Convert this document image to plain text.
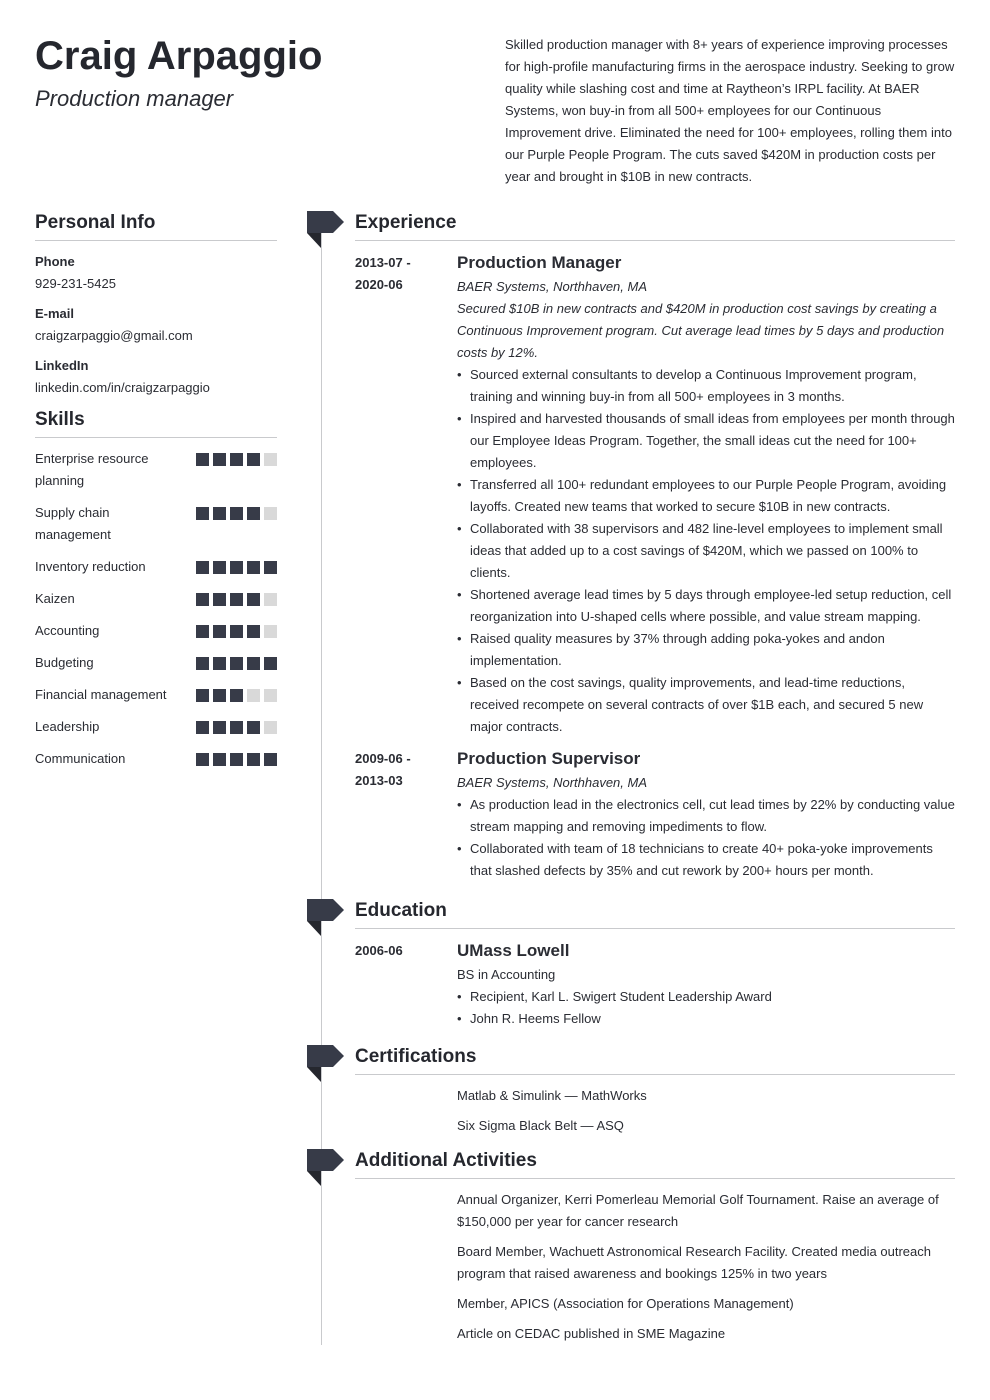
Craig Arpaggio
Production manager
Skilled production manager with 8+ years of experience improving processes for high-profile manufacturing firms in the aerospace industry. Seeking to grow quality while slashing cost and time at Raytheon’s IRPL facility. At BAER Systems, won buy-in from all 500+ employees for our Continuous Improvement drive. Eliminated the need for 100+ employees, rolling them into our Purple People Program. The cuts saved $420M in production costs per year and brought in $10B in new contracts.
Personal Info
Phone
929-231-5425
E-mail
craigzarpaggio@gmail.com
LinkedIn
linkedin.com/in/craigzarpaggio
Skills
Enterprise resource planning
Supply chain management
Inventory reduction
Kaizen
Accounting
Budgeting
Financial management
Leadership
Communication
Experience
2013-07 -
2020-06
Production Manager
BAER Systems, Northhaven, MA
Secured $10B in new contracts and $420M in production cost savings by creating a Continuous Improvement program. Cut average lead times by 5 days and production costs by 12%.
• Sourced external consultants to develop a Continuous Improvement program, training and winning buy-in from all 500+ employees in 3 months.
• Inspired and harvested thousands of small ideas from employees per month through our Employee Ideas Program. Together, the small ideas cut the need for 100+ employees.
• Transferred all 100+ redundant employees to our Purple People Program, avoiding layoffs. Created new teams that worked to secure $10B in new contracts.
• Collaborated with 38 supervisors and 482 line-level employees to implement small ideas that added up to a cost savings of $420M, which we passed on 100% to clients.
• Shortened average lead times by 5 days through employee-led setup reduction, cell reorganization into U-shaped cells where possible, and value stream mapping.
• Raised quality measures by 37% through adding poka-yokes and andon implementation.
• Based on the cost savings, quality improvements, and lead-time reductions, received recompete on several contracts of over $1B each, and secured 5 new major contracts.
2009-06 -
2013-03
Production Supervisor
BAER Systems, Northhaven, MA
• As production lead in the electronics cell, cut lead times by 22% by conducting value stream mapping and removing impediments to flow.
• Collaborated with team of 18 technicians to create 40+ poka-yoke improvements that slashed defects by 35% and cut rework by 200+ hours per month.
Education
2006-06	UMass Lowell
BS in Accounting
• Recipient, Karl L. Swigert Student Leadership Award
• John R. Heems Fellow
Certifications
Matlab & Simulink — MathWorks
Six Sigma Black Belt — ASQ
Additional Activities
Annual Organizer, Kerri Pomerleau Memorial Golf Tournament. Raise an average of $150,000 per year for cancer research
Board Member, Wachuett Astronomical Research Facility. Created media outreach program that raised awareness and bookings 125% in two years
Member, APICS (Association for Operations Management)
Article on CEDAC published in SME Magazine
